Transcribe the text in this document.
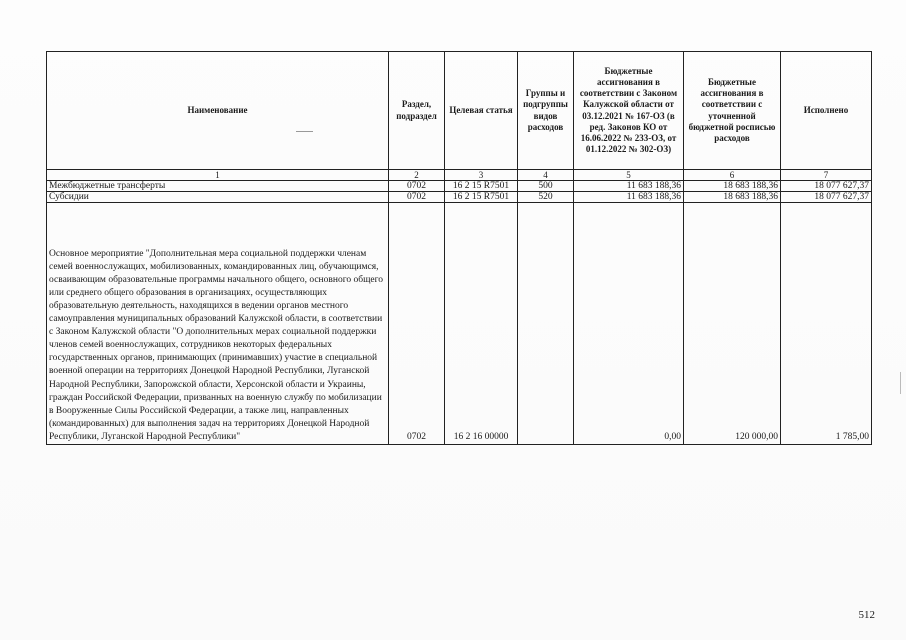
Наименование	Раздел, подраздел	Целевая статья	Группы и подгруппы видов расходов	Бюджетные ассигнования в соответствии с Законом Калужской области от 03.12.2021 № 167-ОЗ (в ред. Законов КО от 16.06.2022 № 233-ОЗ, от 01.12.2022 № 302-ОЗ)	Бюджетные ассигнования в соответствии с уточненной бюджетной росписью расходов	Исполнено
1	2	3	4	5	6	7
Межбюджетные трансферты	0702	16 2 15 R7501	500	11 683 188,36	18 683 188,36	18 077 627,37
Субсидии	0702	16 2 15 R7501	520	11 683 188,36	18 683 188,36	18 077 627,37
Основное мероприятие "Дополнительная мера социальной поддержки членам семей военнослужащих, мобилизованных, командированных лиц, обучающимся, осваивающим образовательные программы начального общего, основного общего или среднего общего образования в организациях, осуществляющих образовательную деятельность, находящихся в ведении органов местного самоуправления муниципальных образований Калужской области, в соответствии с Законом Калужской области "О дополнительных мерах социальной поддержки членов семей военнослужащих, сотрудников некоторых федеральных государственных органов, принимающих (принимавших) участие в специальной военной операции на территориях Донецкой Народной Республики, Луганской Народной Республики, Запорожской области, Херсонской области и Украины, граждан Российской Федерации, призванных на военную службу по мобилизации в Вооруженные Силы Российской Федерации, а также лиц, направленных (командированных) для выполнения задач на территориях Донецкой Народной Республики, Луганской Народной Республики"	0702	16 2 16 00000		0,00	120 000,00	1 785,00
512
